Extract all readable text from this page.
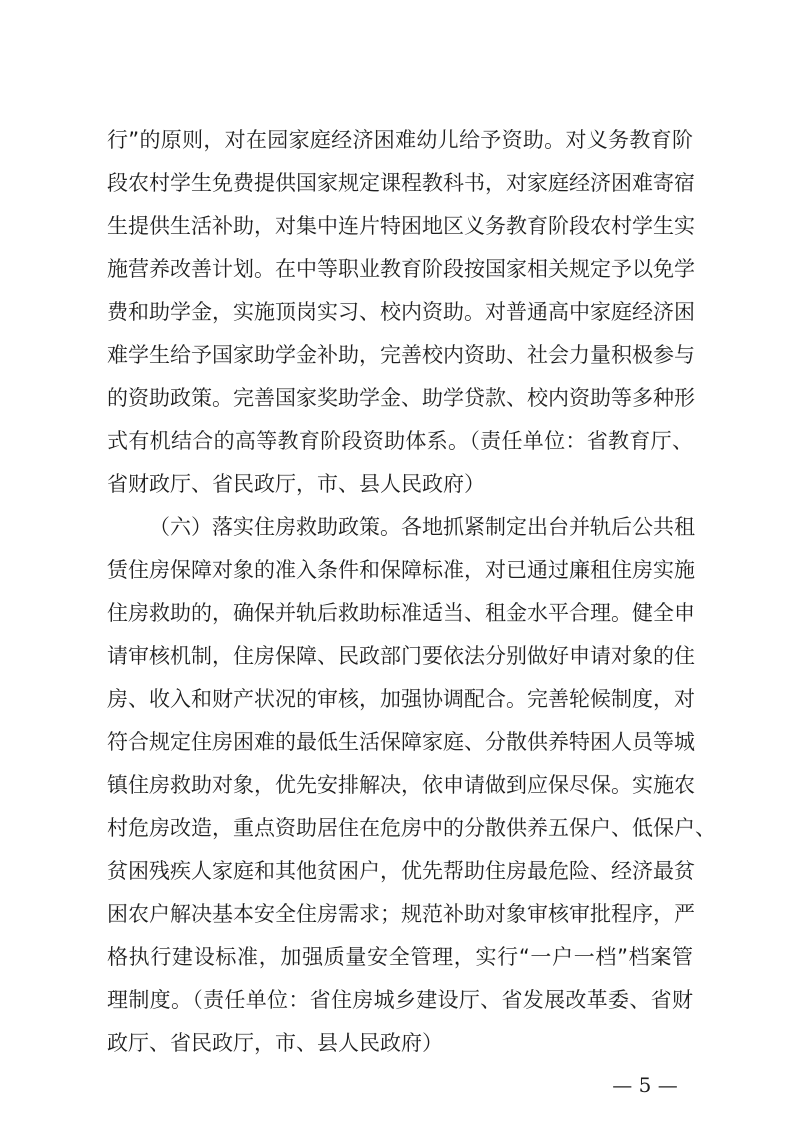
行”的原则，对在园家庭经济困难幼儿给予资助。对义务教育阶
段农村学生免费提供国家规定课程教科书，对家庭经济困难寄宿
生提供生活补助，对集中连片特困地区义务教育阶段农村学生实
施营养改善计划。在中等职业教育阶段按国家相关规定予以免学
费和助学金，实施顶岗实习、校内资助。对普通高中家庭经济困
难学生给予国家助学金补助，完善校内资助、社会力量积极参与
的资助政策。完善国家奖助学金、助学贷款、校内资助等多种形
式有机结合的高等教育阶段资助体系。（责任单位：省教育厅、
省财政厅、省民政厅，市、县人民政府）
（六）落实住房救助政策。各地抓紧制定出台并轨后公共租
赁住房保障对象的准入条件和保障标准，对已通过廉租住房实施
住房救助的，确保并轨后救助标准适当、租金水平合理。健全申
请审核机制，住房保障、民政部门要依法分别做好申请对象的住
房、收入和财产状况的审核，加强协调配合。完善轮候制度，对
符合规定住房困难的最低生活保障家庭、分散供养特困人员等城
镇住房救助对象，优先安排解决，依申请做到应保尽保。实施农
村危房改造，重点资助居住在危房中的分散供养五保户、低保户、
贫困残疾人家庭和其他贫困户，优先帮助住房最危险、经济最贫
困农户解决基本安全住房需求；规范补助对象审核审批程序，严
格执行建设标准，加强质量安全管理，实行“一户一档”档案管
理制度。（责任单位：省住房城乡建设厅、省发展改革委、省财
政厅、省民政厅，市、县人民政府）
— 5 —
